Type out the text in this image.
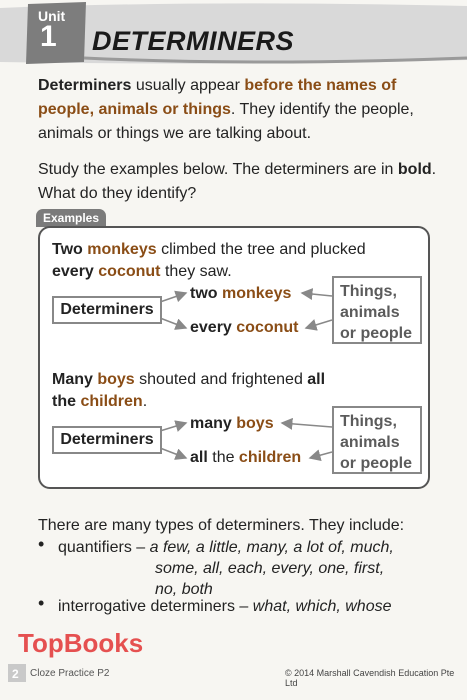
Unit
1 DETERMINERS
Determiners usually appear before the names of people, animals or things. They identify the people, animals or things we are talking about.
Study the examples below. The determiners are in bold. What do they identify?
Examples
Two monkeys climbed the tree and plucked
every coconut they saw.
Determiners
two monkeys
every coconut
Things,
animals
or people
Many boys shouted and frightened all
the children.
Determiners
many boys
all the children
Things,
animals
or people
There are many types of determiners. They include:
• quantifiers – a few, a little, many, a lot of, much,
some, all, each, every, one, first,
no, both
• interrogative determiners – what, which, whose
TopBooks
2 Cloze Practice P2	© 2014 Marshall Cavendish Education Pte Ltd
